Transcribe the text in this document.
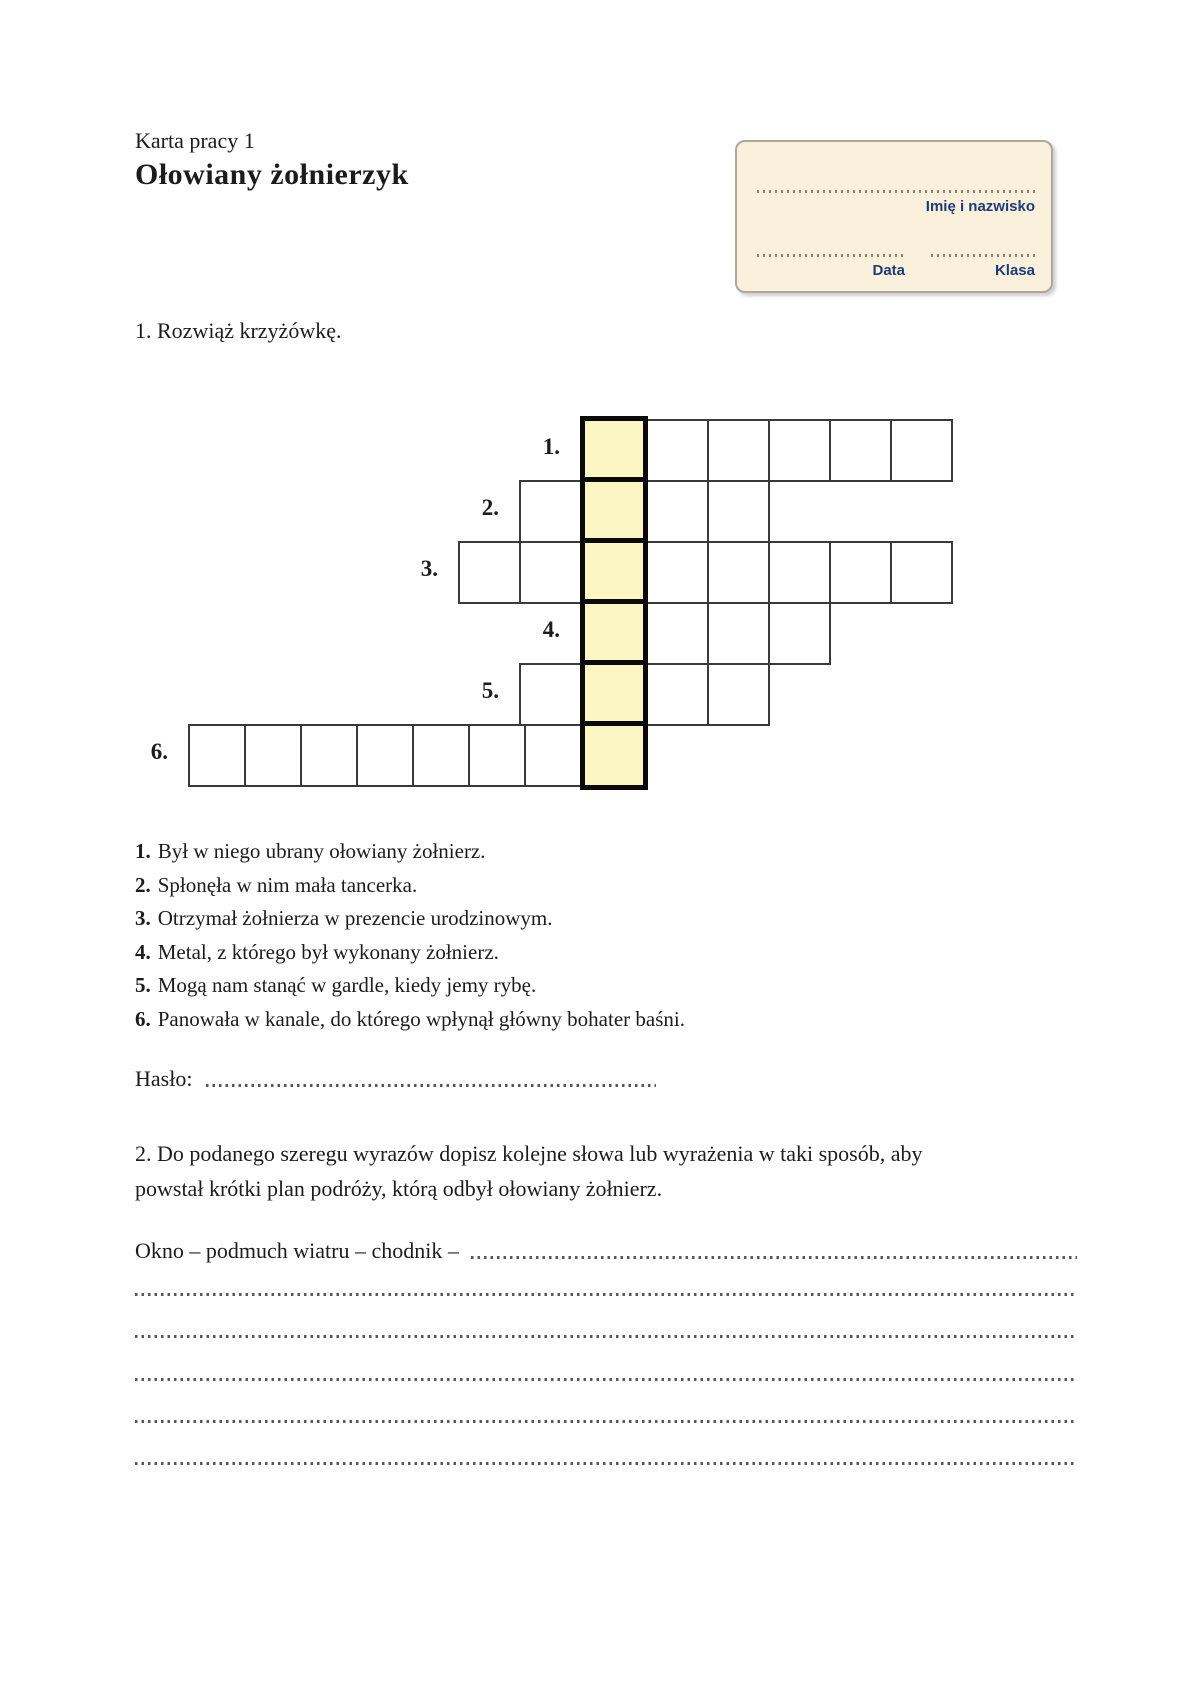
Karta pracy 1
Ołowiany żołnierzyk
Imię i nazwisko
Data	Klasa
1. Rozwiąż krzyżówkę.
1.
2.
3.
4.
5.
6.
1. Był w niego ubrany ołowiany żołnierz.
2. Spłonęła w nim mała tancerka.
3. Otrzymał żołnierza w prezencie urodzinowym.
4. Metal, z którego był wykonany żołnierz.
5. Mogą nam stanąć w gardle, kiedy jemy rybę.
6. Panowała w kanale, do którego wpłynął główny bohater baśni.
Hasło:
2. Do podanego szeregu wyrazów dopisz kolejne słowa lub wyrażenia w taki sposób, aby
powstał krótki plan podróży, którą odbył ołowiany żołnierz.
Okno – podmuch wiatru – chodnik –
